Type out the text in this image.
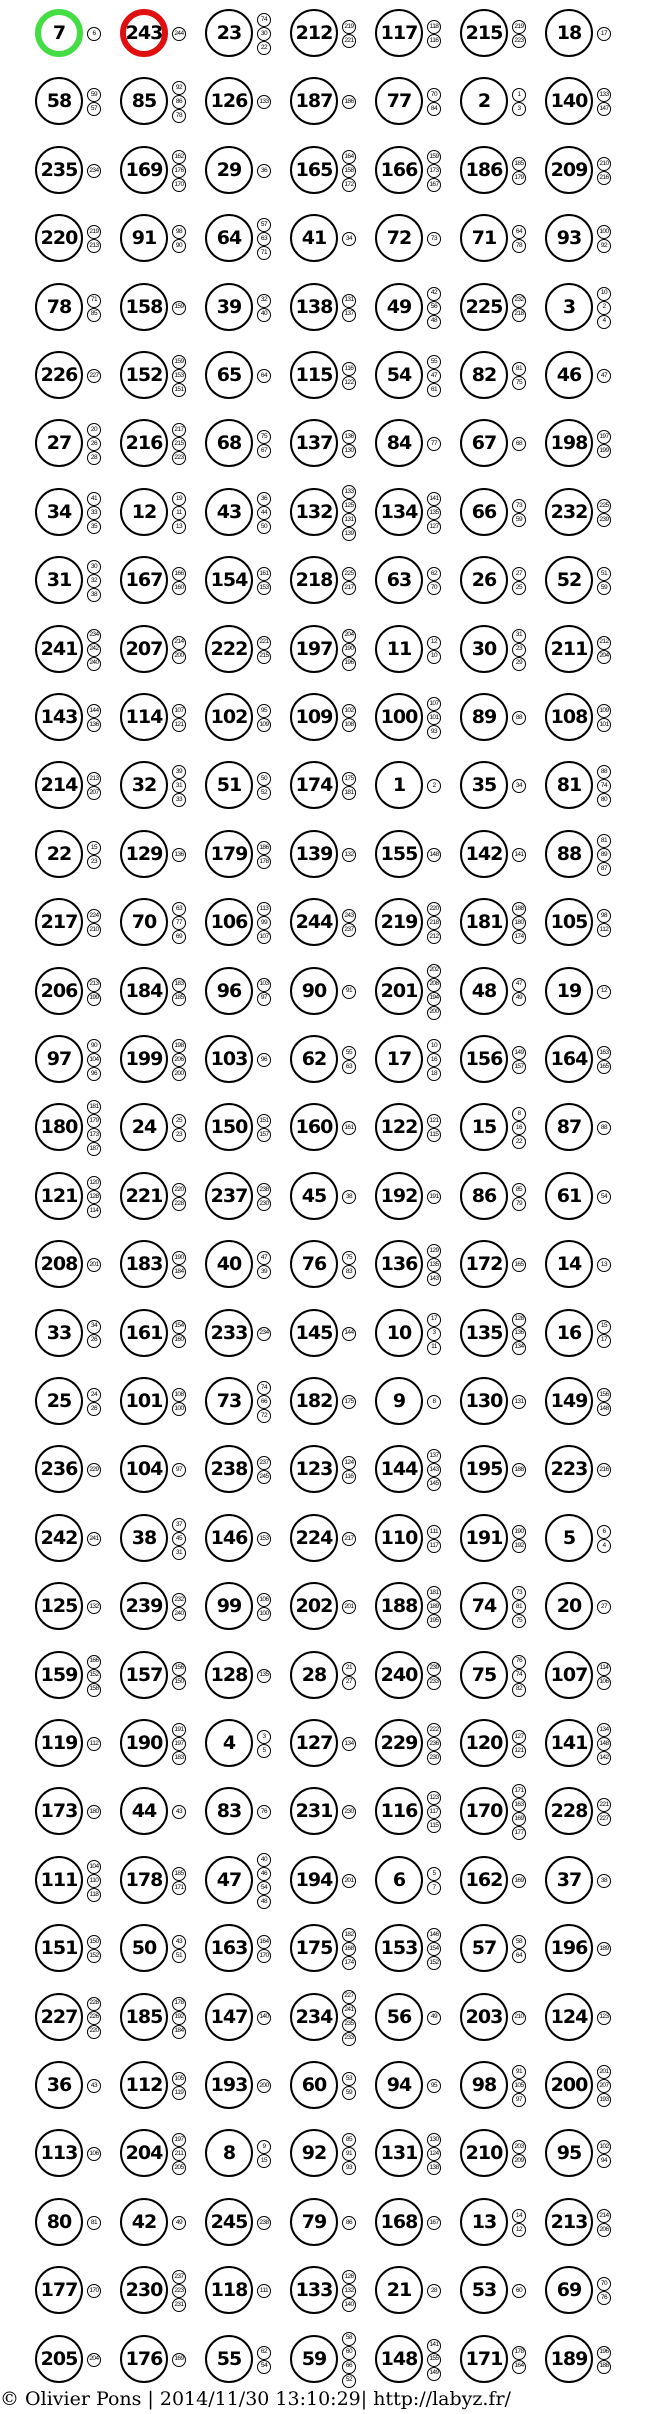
7	6 243	244	23
74
30
22
212	219
221 117	118
116 215	219
223	18	17
58	59
57	85
92
86
78
126	133 187	186	77	70
84	2	1
3 140	133
147
235	234 169
162
176
170
29	36 165
164
158
172
166
159
173
167
186	185
179 209	210
216
220	219
213	91	98
90	64
57
63
71
41	34	72	73	71	64
78	93	100
92
78	71
85 158	159	39	32
40 138	131
137	49
42
56
48
225	232
218	3
10
2
4
226	227 152
159
153
151
65	64 115	116
122	54
55
47
61
82	81
75	46	47
27
20
26
28
216
217
215
223
68	75
67 137	136
130	84	77	67	68 198	197
199
34
41
33
35
12
19
11
13
43
36
44
50
132
133
125
131
139
134
141
135
127
66	73
59 232	225
239
31
30
32
38
167	166
160 154	161
153 218	225
217	63	62
70	26	27
25	52	51
59
241
234
242
240
207	214
200 222	221
215 197
204
190
196
11	12
10	30
31
23
29
211	212
204
143	144
136 114	107
121 102	95
109 109	102
108 100
107
101
93
89	88 108	109
101
214	213
207	32
39
31
33
51	50
52 174	175
181	1	2	35	34	81
88
74
80
22	15
23 129	136 179	186
178 139	132 155	148 142	141	88
81
89
87
217	224
210	70
63
77
69
106
113
99
107
244	243
237 219
220
218
212
181
188
180
174
105	98
112
206	213
199 184	183
185	96	103
97	90	91 201
202
208
194
200
48	47
49	19	12
97
90
104
96
199
198
206
200
103	96	62	55
63	17
10
16
18
156	149
157 164	163
165
180
181
179
173
187
24	25
23 150	151
157 160	161 122	121
115	15
8
16
22
87	88
121
120
128
114
221	220
228 237	238
230	45	38 192	191	86	85
79	61	54
208	201 183	190
184	40	47
39	76	75
83 136
129
135
143
172	165	14	13
33	34
26 161	154
160 233	234 145	144	10
17
3
11
135
128
136
134
16	15
17
25	24
26 101	108
100	73
74
66
72
182	175	9	8 130	131 149	156
148
236	229 104	97 238	237
245 123	124
116 144
137
143
145
195	188 223	216
242	241	38
37
45
31
146	153 224	217 110	111
117 191	190
192	5	6
4
125	132 239	232
240	99	106
100 202	201 188
181
189
195
74
73
81
75
20	27
159
166
152
158
157	156
150 128	135	28	21
27 240	239
233	75
76
74
82
107	114
106
119	112 190
191
197
183
4	3
5 127	134 229
222
236
230
120	127
121 141
134
148
142
173	180	44	43	83	76 231	230 116
123
117
115
170
171
163
169
177
228	221
227
111
104
110
118
178	185
171	47
40
46
54
48
194	201	6	5
7 162	169	37	38
151	150
152	50	43
51 163	164
170 175
182
168
174
153
146
154
152
57	58
64 196	189
227
228
226
220
185
178
192
184
147	140 234
227
241
235
233
56	49 203	210 124	123
36	43 112	105
119 193	200	60	53
59	94	95	98
91
105
97
200
201
207
193
113	106 204
197
211
205
8	9
15	92
85
91
93
131
130
124
138
210	203
209	95	102
94
80	81	42	49 245	238	79	86 168	167	13	14
12 213	214
206
177	170 230
237
223
231
118	111 133
126
132
140
21	28	53	60	69	70
76
205	204 176	169	55	62
54	59
58
60
66
52
148
141
155
149
171	178
164 189	196
188
© Olivier Pons | 2014/11/30 13:10:29| http://labyz.fr/
